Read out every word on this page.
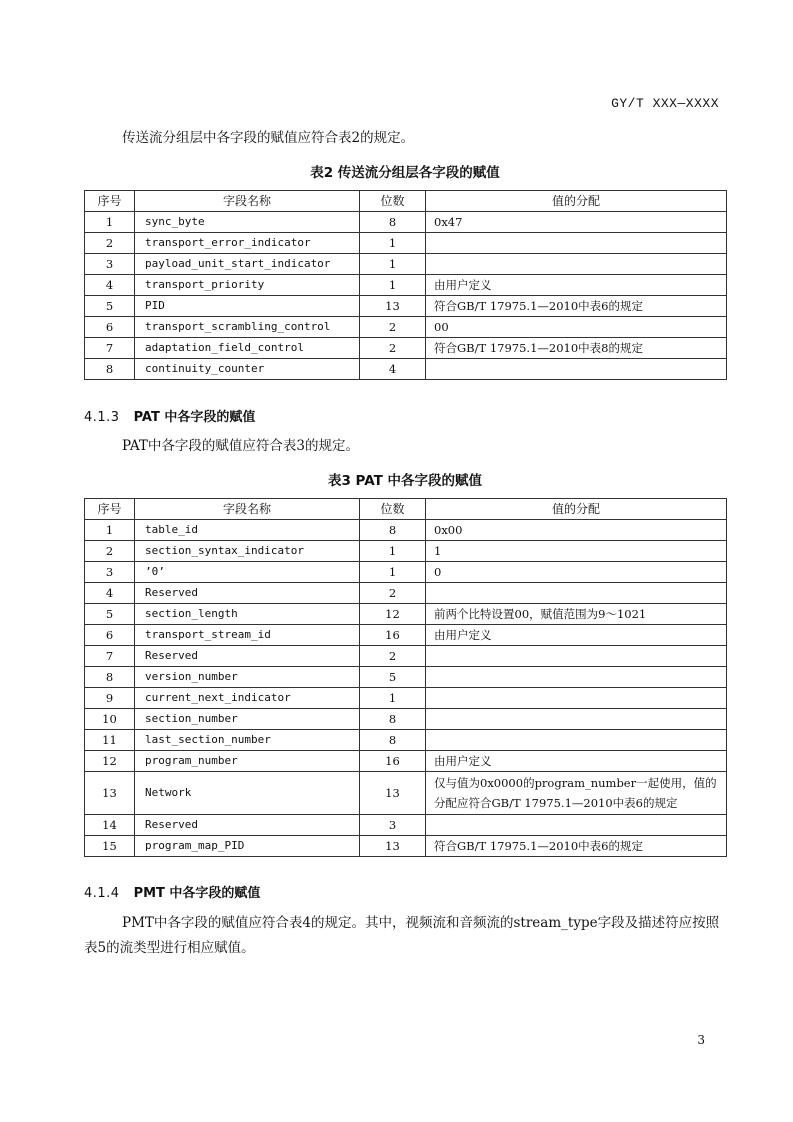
GY/T XXX—XXXX
传送流分组层中各字段的赋值应符合表2的规定。
表2 传送流分组层各字段的赋值
序号	字段名称	位数	值的分配
1	sync_byte	8	0x47
2	transport_error_indicator	1	
3	payload_unit_start_indicator	1	
4	transport_priority	1	由用户定义
5	PID	13	符合GB/T 17975.1—2010中表6的规定
6	transport_scrambling_control	2	00
7	adaptation_field_control	2	符合GB/T 17975.1—2010中表8的规定
8	continuity_counter	4	
4.1.3 PAT 中各字段的赋值
PAT中各字段的赋值应符合表3的规定。
表3 PAT 中各字段的赋值
序号	字段名称	位数	值的分配
1	table_id	8	0x00
2	section_syntax_indicator	1	1
3	’0’	1	0
4	Reserved	2	
5	section_length	12	前两个比特设置00，赋值范围为9～1021
6	transport_stream_id	16	由用户定义
7	Reserved	2	
8	version_number	5	
9	current_next_indicator	1	
10	section_number	8	
11	last_section_number	8	
12	program_number	16	由用户定义
13	Network	13	仅与值为0x0000的program_number一起使用，值的分配应符合GB/T 17975.1—2010中表6的规定
14	Reserved	3	
15	program_map_PID	13	符合GB/T 17975.1—2010中表6的规定
4.1.4 PMT 中各字段的赋值
PMT中各字段的赋值应符合表4的规定。其中，视频流和音频流的stream_type字段及描述符应按照表5的流类型进行相应赋值。
3
